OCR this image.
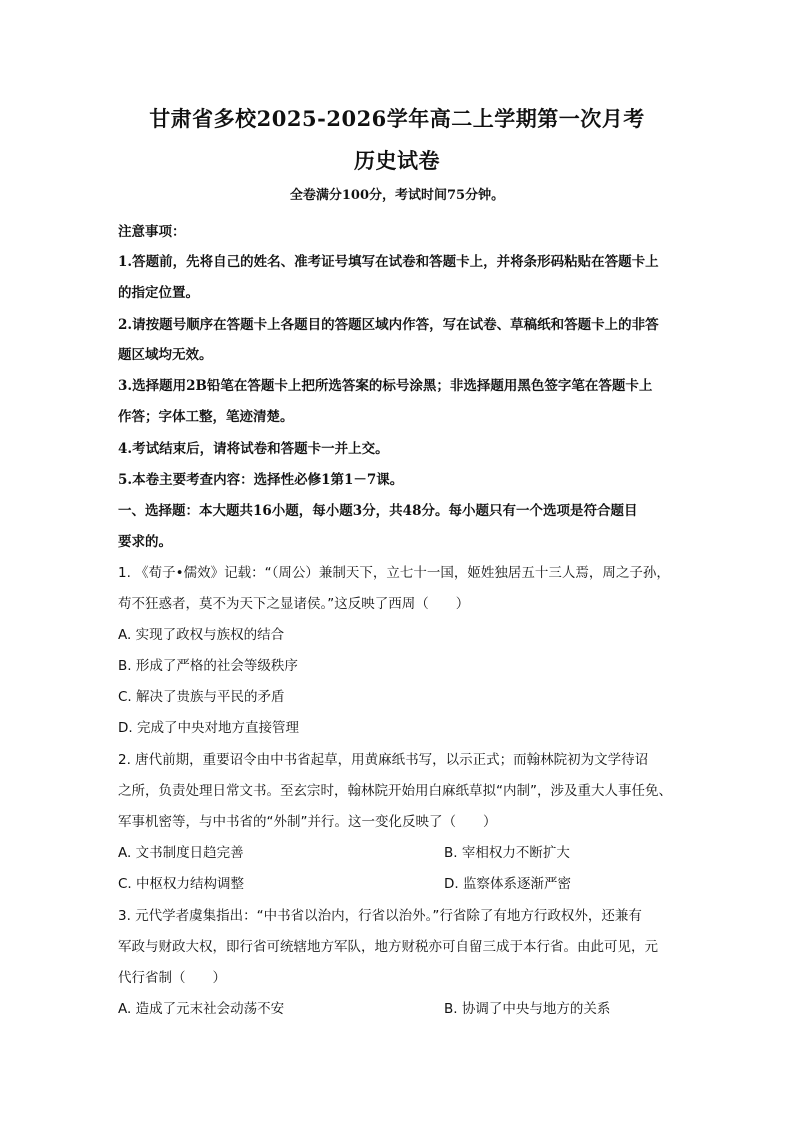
甘肃省多校2025-2026学年高二上学期第一次月考
历史试卷
全卷满分100分，考试时间75分钟。
注意事项：
1.答题前，先将自己的姓名、准考证号填写在试卷和答题卡上，并将条形码粘贴在答题卡上
的指定位置。
2.请按题号顺序在答题卡上各题目的答题区域内作答，写在试卷、草稿纸和答题卡上的非答
题区域均无效。
3.选择题用2B铅笔在答题卡上把所选答案的标号涂黑；非选择题用黑色签字笔在答题卡上
作答；字体工整，笔迹清楚。
4.考试结束后，请将试卷和答题卡一并上交。
5.本卷主要考查内容：选择性必修1第1－7课。
一、选择题：本大题共16小题，每小题3分，共48分。每小题只有一个选项是符合题目
要求的。
1. 《荀子•儒效》记载：“（周公）兼制天下，立七十一国，姬姓独居五十三人焉，周之子孙，
苟不狂惑者，莫不为天下之显诸侯。”这反映了西周（　　）
A. 实现了政权与族权的结合
B. 形成了严格的社会等级秩序
C. 解决了贵族与平民的矛盾
D. 完成了中央对地方直接管理
2. 唐代前期，重要诏令由中书省起草，用黄麻纸书写，以示正式；而翰林院初为文学待诏
之所，负责处理日常文书。至玄宗时，翰林院开始用白麻纸草拟“内制”，涉及重大人事任免、
军事机密等，与中书省的“外制”并行。这一变化反映了（　　）
A. 文书制度日趋完善	B. 宰相权力不断扩大
C. 中枢权力结构调整	D. 监察体系逐渐严密
3. 元代学者虞集指出：“中书省以治内，行省以治外。”行省除了有地方行政权外，还兼有
军政与财政大权，即行省可统辖地方军队，地方财税亦可自留三成于本行省。由此可见，元
代行省制（　　）
A. 造成了元末社会动荡不安	B. 协调了中央与地方的关系
